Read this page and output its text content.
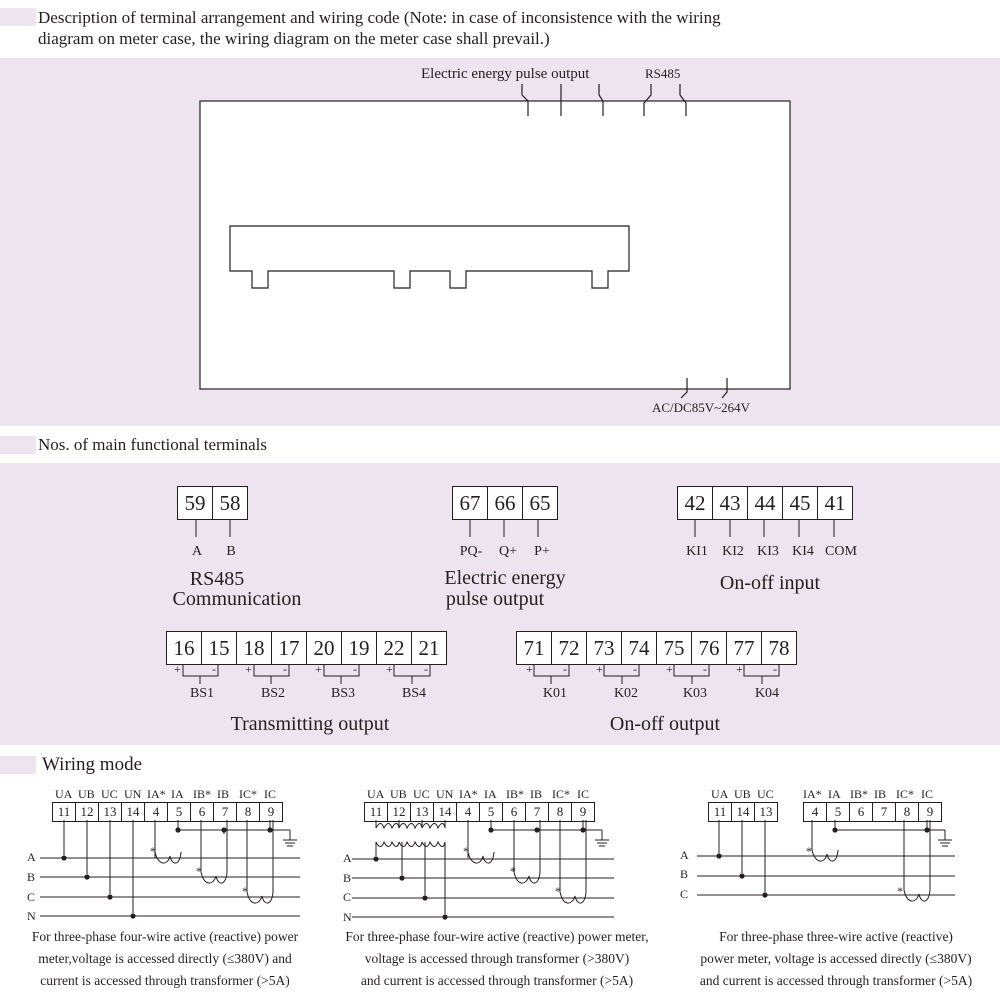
Description of terminal arrangement and wiring code (Note: in case of inconsistence with the wiring
diagram on meter case, the wiring diagram on the meter case shall prevail.)
Electric energy pulse output	RS485
AC/DC85V~264V
Nos. of main functional terminals
59 58
A	B
RS485
Communication
67 66 65
PQ-	Q+	P+
Electric energy
pulse output
42 43 44 45 41
KI1 KI2 KI3 KI4 COM
On-off input
16 15 18 17 20 19 22 21
BS1	BS2	BS3	BS4
Transmitting output
71 72 73 74 75 76 77 78
K01	K02	K03	K04
On-off output
+	- +	- +	- +	-	+	- +	- +	- +	-
Wiring mode
UA UB UC UN IA* IA IB* IB IC* IC
11 12 13 14	4	5	6	7	8	9
A
B
C
N
*
*
*
For three-phase four-wire active (reactive) power
meter,voltage is accessed directly (≤380V) and
current is accessed through transformer (>5A)
UA UB UC UN IA* IA IB* IB IC* IC
11 12 13 14	4	5	6	7	8	9
A
B
C
N
*
*
*
For three-phase four-wire active (reactive) power meter,
voltage is accessed through transformer (>380V)
and current is accessed through transformer (>5A)
UA UB UC IA* IA IB* IB IC* IC
11 14 13	4	5	6	7	8	9
A
B
C
*
*
For three-phase three-wire active (reactive)
power meter, voltage is accessed directly (≤380V)
and current is accessed through transformer (>5A)
